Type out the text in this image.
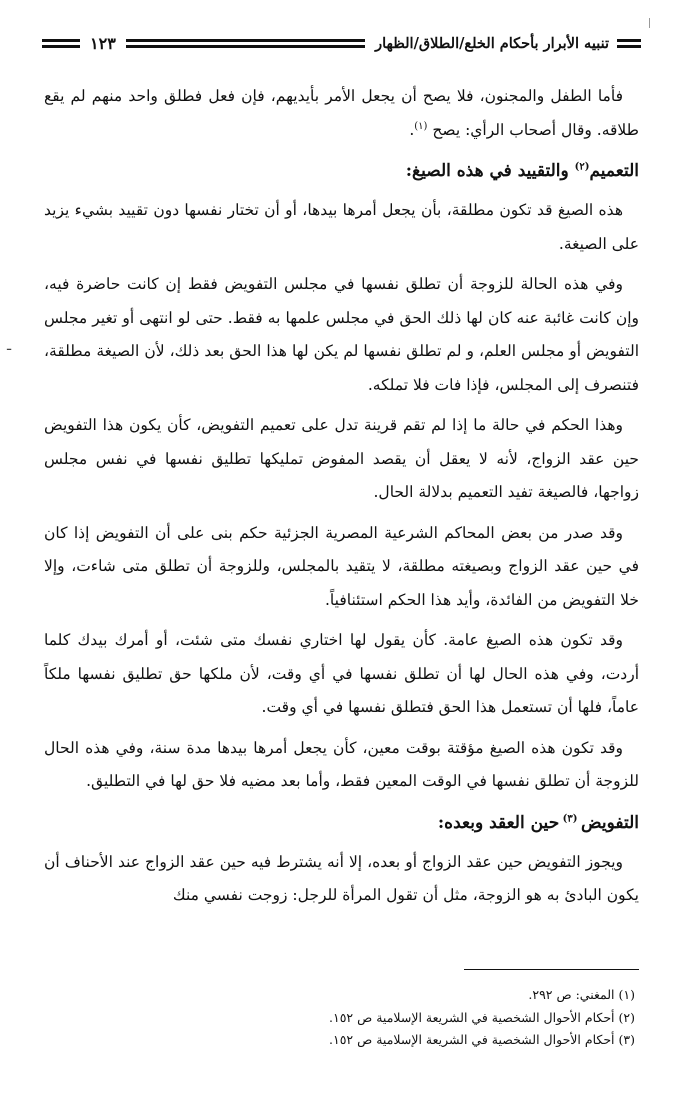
تنبيه الأبرار بأحكام الخلع/الطلاق/الظهار
١٢٣
ـ

فأما الطفل والمجنون، فلا يصح أن يجعل الأمر بأيديهم، فإن فعل فطلق واحد منهم لم يقع طلاقه. وقال أصحاب الرأي: يصح $^{(١)}$.

التعميم$^{(٢)}$ والتقييد في هذه الصيغ:

هذه الصيغ قد تكون مطلقة، بأن يجعل أمرها بيدها، أو أن تختار نفسها دون تقييد بشيء يزيد على الصيغة.

وفي هذه الحالة للزوجة أن تطلق نفسها في مجلس التفويض فقط إن كانت حاضرة فيه، وإن كانت غائبة عنه كان لها ذلك الحق في مجلس علمها به فقط. حتى لو انتهى أو تغير مجلس التفويض أو مجلس العلم، و لم تطلق نفسها لم يكن لها هذا الحق بعد ذلك، لأن الصيغة مطلقة، فتنصرف إلى المجلس، فإذا فات فلا تملكه.

وهذا الحكم في حالة ما إذا لم تقم قرينة تدل على تعميم التفويض، كأن يكون هذا التفويض حين عقد الزواج، لأنه لا يعقل أن يقصد المفوض تمليكها تطليق نفسها في نفس مجلس زواجها، فالصيغة تفيد التعميم بدلالة الحال.

وقد صدر من بعض المحاكم الشرعية المصرية الجزئية حكم بنى على أن التفويض إذا كان في حين عقد الزواج وبصيغته مطلقة، لا يتقيد بالمجلس، وللزوجة أن تطلق متى شاءت، وإلا خلا التفويض من الفائدة، وأيد هذا الحكم استئنافياً.

وقد تكون هذه الصيغ عامة. كأن يقول لها اختاري نفسك متى شئت، أو أمرك بيدك كلما أردت، وفي هذه الحال لها أن تطلق نفسها في أي وقت، لأن ملكها حق تطليق نفسها ملكاً عاماً، فلها أن تستعمل هذا الحق فتطلق نفسها في أي وقت.

وقد تكون هذه الصيغ مؤقتة بوقت معين، كأن يجعل أمرها بيدها مدة سنة، وفي هذه الحال للزوجة أن تطلق نفسها في الوقت المعين فقط، وأما بعد مضيه فلا حق لها في التطليق.

التفويض $^{(٣)}$ حين العقد وبعده:

ويجوز التفويض حين عقد الزواج أو بعده، إلا أنه يشترط فيه حين عقد الزواج عند الأحناف أن يكون البادئ به هو الزوجة، مثل أن تقول المرأة للرجل: زوجت نفسي منك

(١) المغني: ص ٢٩٢.

(٢) أحكام الأحوال الشخصية في الشريعة الإسلامية ص ١٥٢.

(٣) أحكام الأحوال الشخصية في الشريعة الإسلامية ص ١٥٢.
